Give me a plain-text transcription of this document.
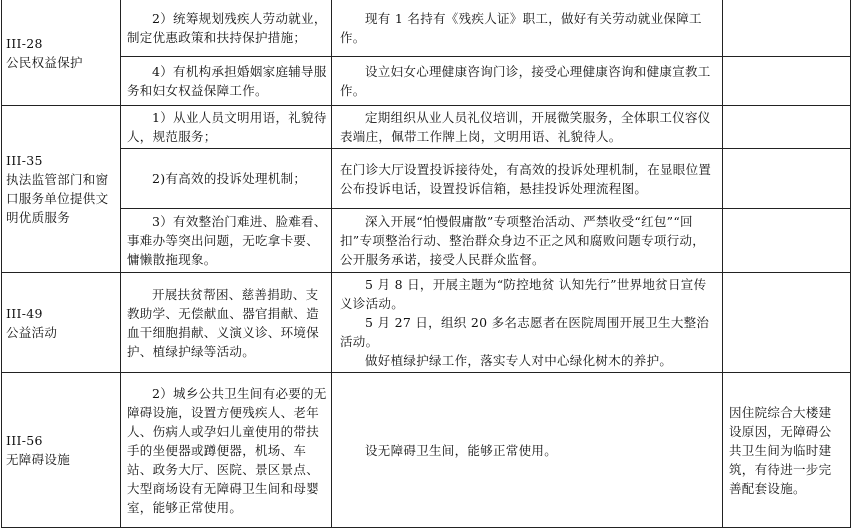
III-28
公民权益保护	2）统筹规划残疾人劳动就业，制定优惠政策和扶持保护措施；	现有 1 名持有《残疾人证》职工，做好有关劳动就业保障工作。	

	4）有机构承担婚姻家庭辅导服务和妇女权益保障工作。	设立妇女心理健康咨询门诊，接受心理健康咨询和健康宣教工作。	

III-35
执法监管部门和窗口服务单位提供文明优质服务	1）从业人员文明用语，礼貌待人，规范服务；	定期组织从业人员礼仪培训，开展微笑服务，全体职工仪容仪表端庄，佩带工作牌上岗，文明用语、礼貌待人。	

	2)有高效的投诉处理机制；	在门诊大厅设置投诉接待处，有高效的投诉处理机制，在显眼位置公布投诉电话，设置投诉信箱，悬挂投诉处理流程图。	

	3）有效整治门难进、脸难看、事难办等突出问题，无吃拿卡要、慵懒散拖现象。	深入开展“怕慢假庸散”专项整治活动、严禁收受“红包”“回扣”专项整治行动、整治群众身边不正之风和腐败问题专项行动，公开服务承诺，接受人民群众监督。	

III-49
公益活动	开展扶贫帮困、慈善捐助、支教助学、无偿献血、器官捐献、造血干细胞捐献、义演义诊、环境保护、植绿护绿等活动。	5 月 8 日，开展主题为“防控地贫 认知先行”世界地贫日宣传义诊活动。
5 月 27 日，组织 20 多名志愿者在医院周围开展卫生大整治活动。
做好植绿护绿工作，落实专人对中心绿化树木的养护。	

III-56
无障碍设施	2）城乡公共卫生间有必要的无障碍设施，设置方便残疾人、老年人、伤病人或孕妇儿童使用的带扶手的坐便器或蹲便器，机场、车站、政务大厅、医院、景区景点、大型商场设有无障碍卫生间和母婴室，能够正常使用。	设无障碍卫生间，能够正常使用。	因住院综合大楼建设原因，无障碍公共卫生间为临时建筑，有待进一步完善配套设施。
